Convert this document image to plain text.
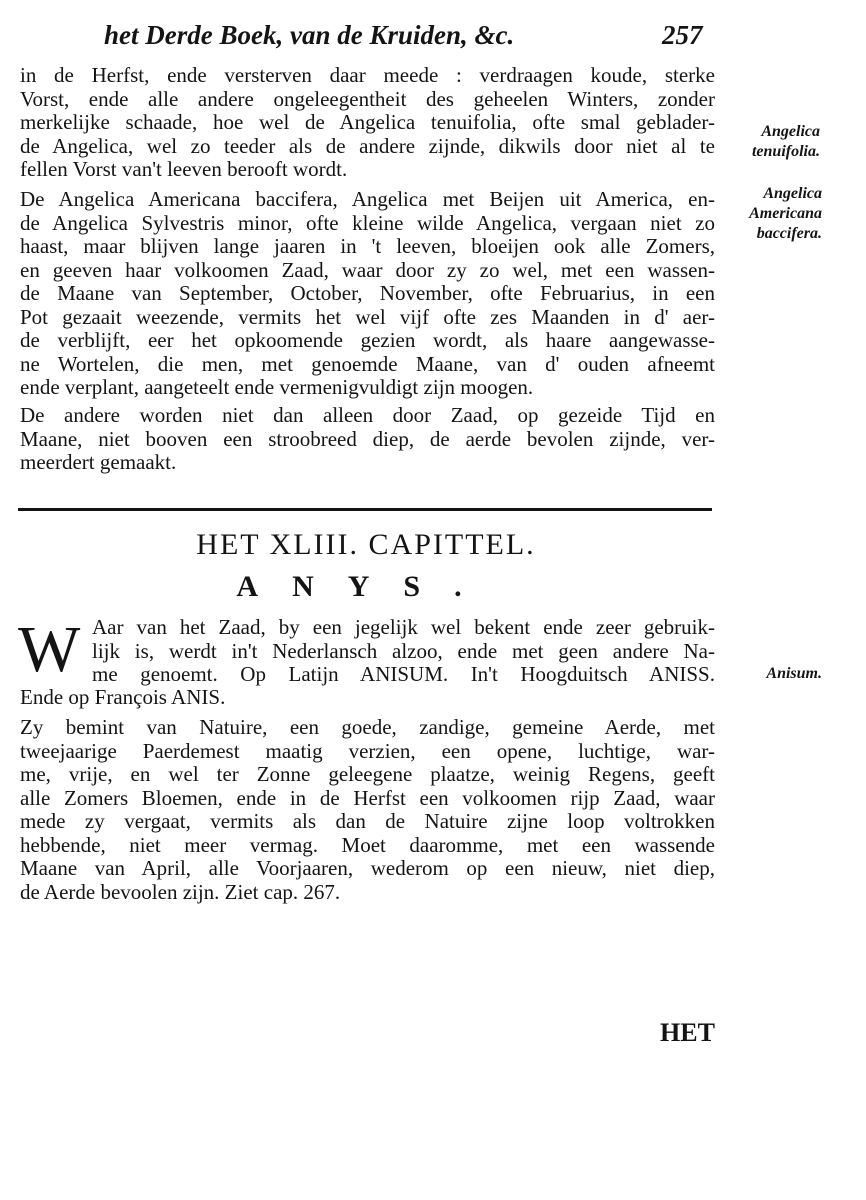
het Derde Boek, van de Kruiden, &c.	257
in de Herfst, ende versterven daar meede : verdraagen koude, sterke
Vorst, ende alle andere ongeleegentheit des geheelen Winters, zonder
merkelijke schaade, hoe wel de Angelica tenuifolia, ofte smal geblader-
de Angelica, wel zo teeder als de andere zijnde, dikwils door niet al te
fellen Vorst van't leeven berooft wordt.
De Angelica Americana baccifera, Angelica met Beijen uit America, en-
de Angelica Sylvestris minor, ofte kleine wilde Angelica, vergaan niet zo
haast, maar blijven lange jaaren in 't leeven, bloeijen ook alle Zomers,
en geeven haar volkoomen Zaad, waar door zy zo wel, met een wassen-
de Maane van September, October, November, ofte Februarius, in een
Pot gezaait weezende, vermits het wel vijf ofte zes Maanden in d' aer-
de verblijft, eer het opkoomende gezien wordt, als haare aangewasse-
ne Wortelen, die men, met genoemde Maane, van d' ouden afneemt
ende verplant, aangeteelt ende vermenigvuldigt zijn moogen.
De andere worden niet dan alleen door Zaad, op gezeide Tijd en
Maane, niet booven een stroobreed diep, de aerde bevolen zijnde, ver-
meerdert gemaakt.
HET XLIII. CAPITTEL.
ANYS.
W Aar van het Zaad, by een jegelijk wel bekent ende zeer gebruik-
lijk is, werdt in't Nederlansch alzoo, ende met geen andere Na-
me genoemt. Op Latijn ANISUM. In't Hoogduitsch ANISS.
Ende op François ANIS.
Zy bemint van Natuire, een goede, zandige, gemeine Aerde, met
tweejaarige Paerdemest maatig verzien, een opene, luchtige, war-
me, vrije, en wel ter Zonne geleegene plaatze, weinig Regens, geeft
alle Zomers Bloemen, ende in de Herfst een volkoomen rijp Zaad, waar
mede zy vergaat, vermits als dan de Natuire zijne loop voltrokken
hebbende, niet meer vermag. Moet daaromme, met een wassende
Maane van April, alle Voorjaaren, wederom op een nieuw, niet diep,
de Aerde bevoolen zijn. Ziet cap. 267.
Angelica
tenuifolia.
Angelica
Americana
baccifera.
Anisum.
HET
